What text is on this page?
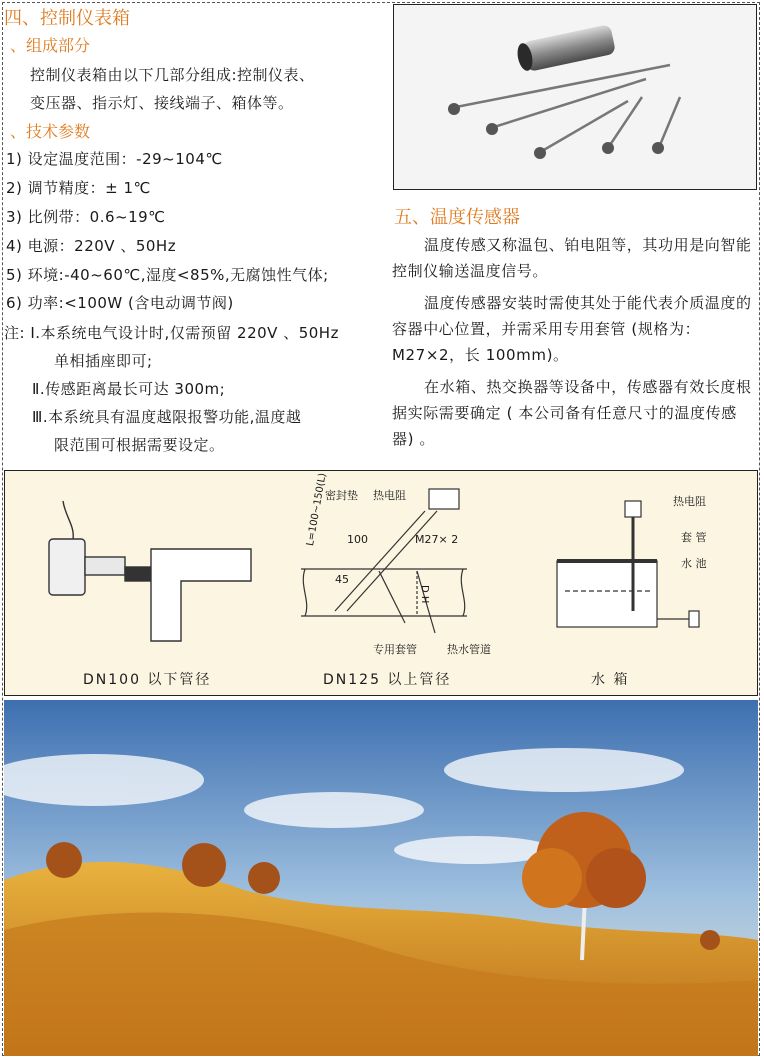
四、控制仪表箱
、组成部分
控制仪表箱由以下几部分组成:控制仪表、
变压器、指示灯、接线端子、箱体等。
、技术参数
1) 设定温度范围：-29~104℃
2) 调节精度：± 1℃
3) 比例带：0.6~19℃
4) 电源：220V 、50Hz
5) 环境:-40~60℃,湿度<85%,无腐蚀性气体;
6) 功率:<100W (含电动调节阀)
注: Ⅰ.本系统电气设计时,仅需预留 220V 、50Hz
单相插座即可;
Ⅱ.传感距离最长可达 300m;
Ⅲ.本系统具有温度越限报警功能,温度越
限范围可根据需要设定。
五、温度传感器
温度传感又称温包、铂电阻等，其功用是向智能控制仪输送温度信号。
温度传感器安装时需使其处于能代表介质温度的容器中心位置，并需采用专用套管 (规格为：M27×2，长 100mm)。
在水箱、热交换器等设备中，传感器有效长度根据实际需要确定 ( 本公司备有任意尺寸的温度传感器) 。
密封垫 热电阻
L=100~150(L) 100	M27× 2
45
D H
专用套管	热水管道
热电阻
套 管
水 池
DN100 以下管径	DN125 以上管径	水 箱
